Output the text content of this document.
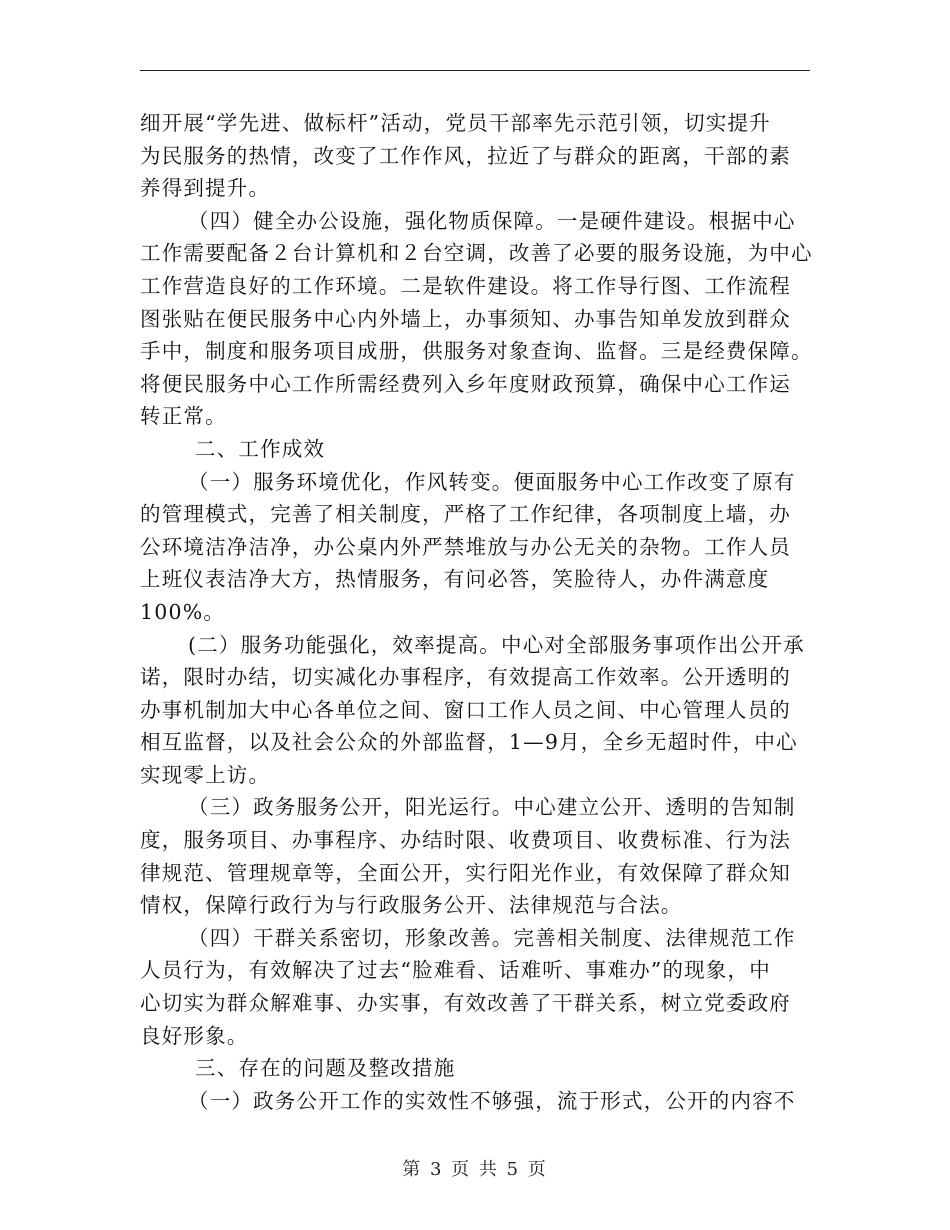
细开展“学先进、做标杆”活动，党员干部率先示范引领，切实提升
为民服务的热情，改变了工作作风，拉近了与群众的距离，干部的素
养得到提升。
（四）健全办公设施，强化物质保障。一是硬件建设。根据中心
工作需要配备２台计算机和２台空调，改善了必要的服务设施，为中心
工作营造良好的工作环境。二是软件建设。将工作导行图、工作流程
图张贴在便民服务中心内外墙上，办事须知、办事告知单发放到群众
手中，制度和服务项目成册，供服务对象查询、监督。三是经费保障。
将便民服务中心工作所需经费列入乡年度财政预算，确保中心工作运
转正常。
二、工作成效
（一）服务环境优化，作风转变。便面服务中心工作改变了原有
的管理模式，完善了相关制度，严格了工作纪律，各项制度上墙，办
公环境洁净洁净，办公桌内外严禁堆放与办公无关的杂物。工作人员
上班仪表洁净大方，热情服务，有问必答，笑脸待人，办件满意度
100%。
(二）服务功能强化，效率提高。中心对全部服务事项作出公开承
诺，限时办结，切实减化办事程序，有效提高工作效率。公开透明的
办事机制加大中心各单位之间、窗口工作人员之间、中心管理人员的
相互监督，以及社会公众的外部监督，1—9月，全乡无超时件，中心
实现零上访。
（三）政务服务公开，阳光运行。中心建立公开、透明的告知制
度，服务项目、办事程序、办结时限、收费项目、收费标准、行为法
律规范、管理规章等，全面公开，实行阳光作业，有效保障了群众知
情权，保障行政行为与行政服务公开、法律规范与合法。
（四）干群关系密切，形象改善。完善相关制度、法律规范工作
人员行为，有效解决了过去“脸难看、话难听、事难办”的现象，中
心切实为群众解难事、办实事，有效改善了干群关系，树立党委政府
良好形象。
三、存在的问题及整改措施
（一）政务公开工作的实效性不够强，流于形式，公开的内容不
第 3 页 共 5 页
